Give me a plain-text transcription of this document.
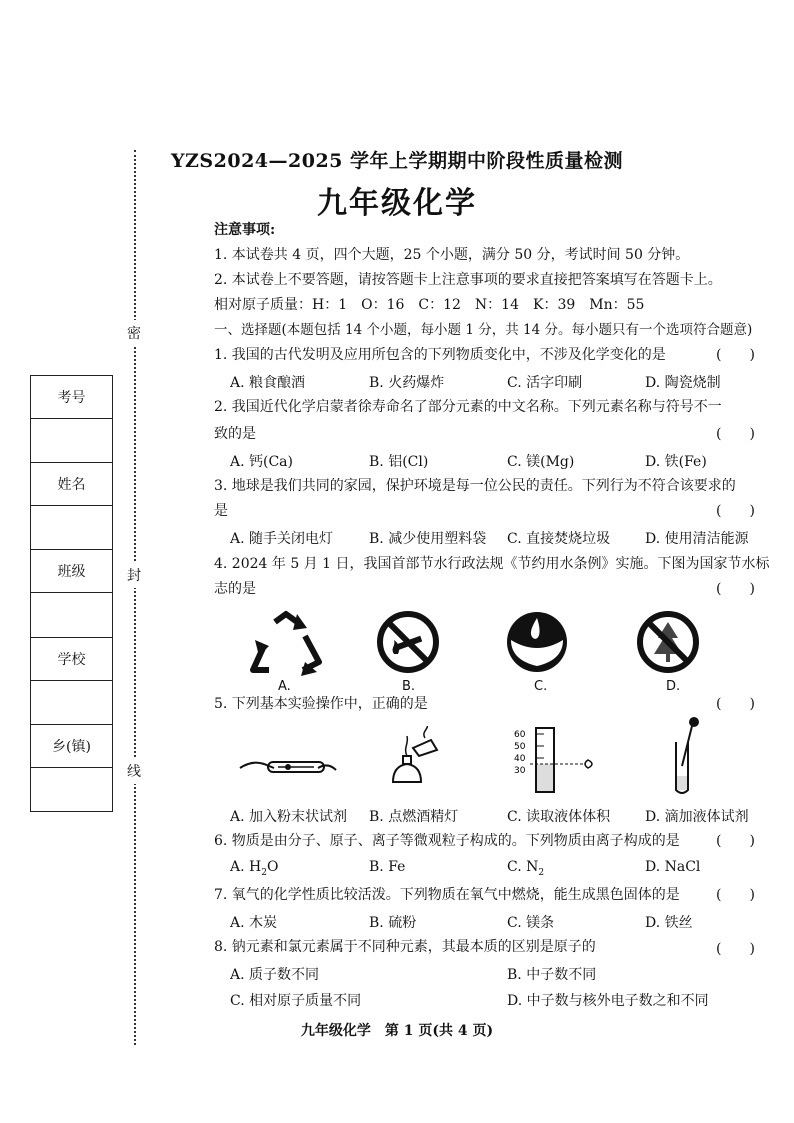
密
封
线
考号

姓名

班级

学校

乡(镇)

YZS2024—2025 学年上学期期中阶段性质量检测
九年级化学
注意事项:
1. 本试卷共 4 页，四个大题，25 个小题，满分 50 分，考试时间 50 分钟。
2. 本试卷上不要答题，请按答题卡上注意事项的要求直接把答案填写在答题卡上。
相对原子质量：H：1　O：16　C：12　N：14　K：39　Mn：55
一、选择题(本题包括 14 个小题，每小题 1 分，共 14 分。每小题只有一个选项符合题意)
1. 我国的古代发明及应用所包含的下列物质变化中，不涉及化学变化的是	(　　)
A. 粮食酿酒	B. 火药爆炸	C. 活字印刷	D. 陶瓷烧制
2. 我国近代化学启蒙者徐寿命名了部分元素的中文名称。下列元素名称与符号不一
致的是	(　　)
A. 钙(Ca)	B. 铝(Cl)	C. 镁(Mg)	D. 铁(Fe)
3. 地球是我们共同的家园，保护环境是每一位公民的责任。下列行为不符合该要求的
是	(　　)
A. 随手关闭电灯	B. 减少使用塑料袋 C. 直接焚烧垃圾 D. 使用清洁能源
4. 2024 年 5 月 1 日，我国首部节水行政法规《节约用水条例》实施。下图为国家节水标
志的是	(　　)
A.	B.	C.	D.
5. 下列基本实验操作中，正确的是	(　　)
60
50
40
30
A. 加入粉末状试剂 B. 点燃酒精灯	C. 读取液体体积 D. 滴加液体试剂
6. 物质是由分子、原子、离子等微观粒子构成的。下列物质由离子构成的是	(　　)
A. $H_2O$	B. Fe	C. $N_2$	D. NaCl
7. 氧气的化学性质比较活泼。下列物质在氧气中燃烧，能生成黑色固体的是	(　　)
A. 木炭	B. 硫粉	C. 镁条	D. 铁丝
8. 钠元素和氯元素属于不同种元素，其最本质的区别是原子的	(　　)
A. 质子数不同	B. 中子数不同
C. 相对原子质量不同	D. 中子数与核外电子数之和不同
九年级化学　第 1 页(共 4 页)
